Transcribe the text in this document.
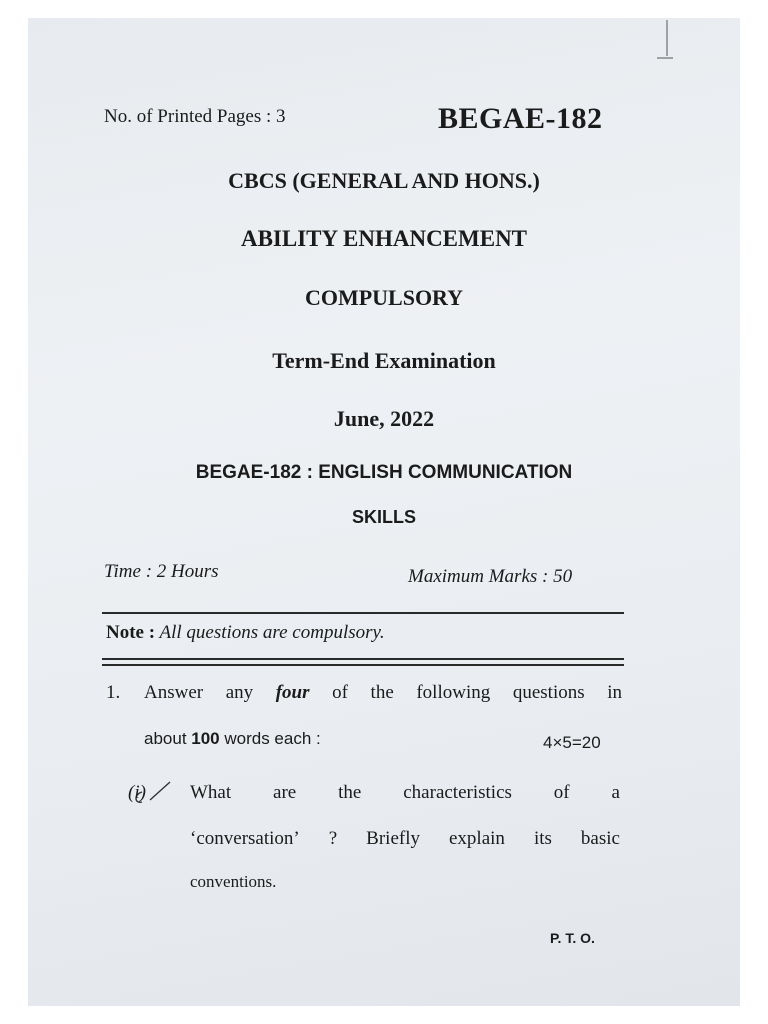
No. of Printed Pages : 3	BEGAE-182
CBCS (GENERAL AND HONS.)
ABILITY ENHANCEMENT
COMPULSORY
Term-End Examination
June, 2022
BEGAE-182 : ENGLISH COMMUNICATION
SKILLS
Time : 2 Hours	Maximum Marks : 50
Note : All questions are compulsory.
1. Answer any four of the following questions in
about 100 words each :	4×5=20
(i) What are the characteristics of a
‘conversation’ ? Briefly explain its basic
conventions.
P. T. O.
